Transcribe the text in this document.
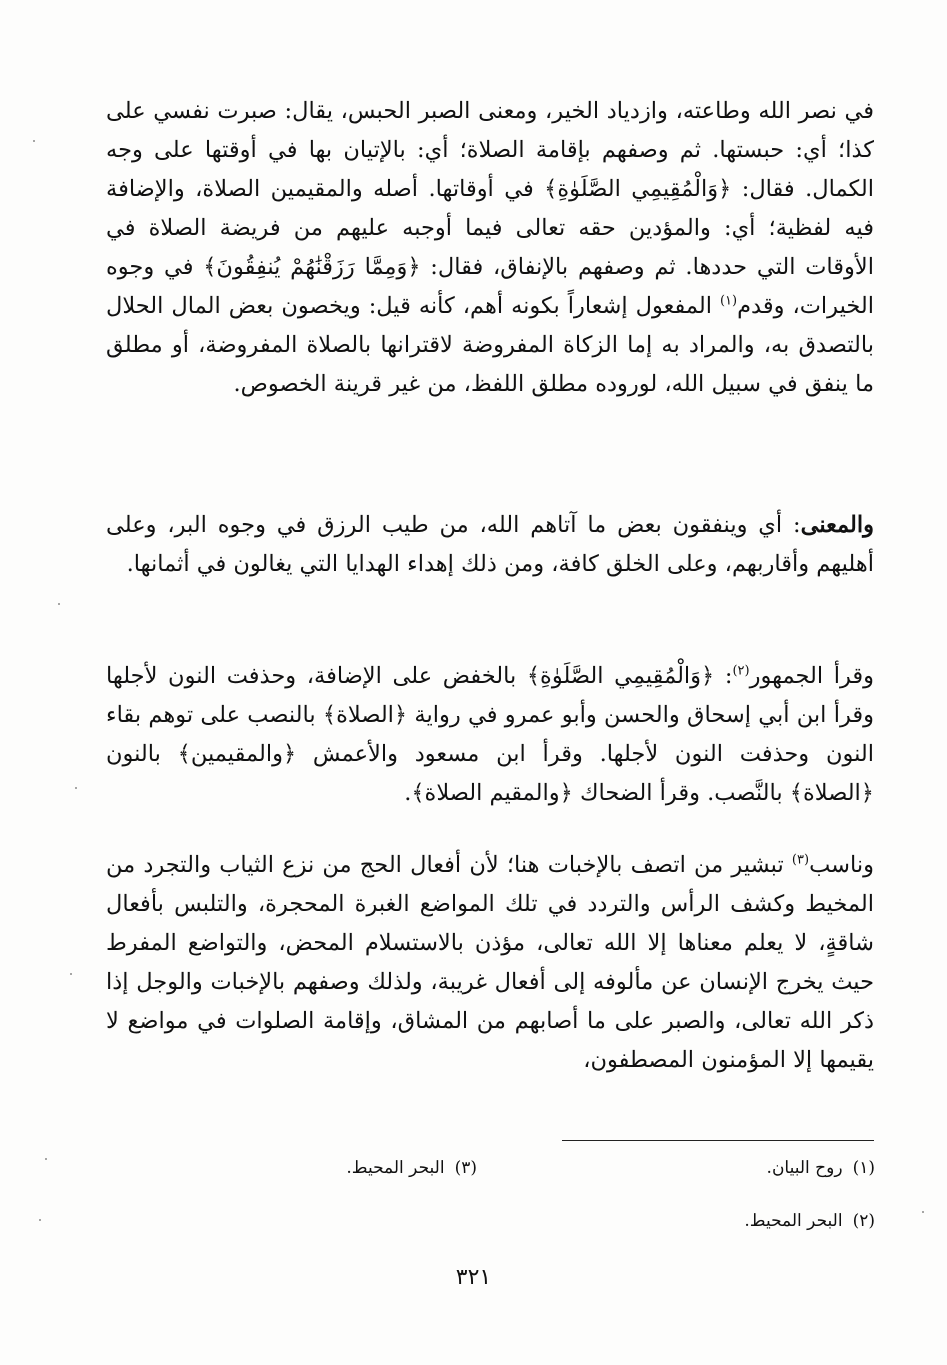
في نصر الله وطاعته، وازدياد الخير، ومعنى الصبر الحبس، يقال: صبرت نفسي على كذا؛ أي: حبستها. ثم وصفهم بإقامة الصلاة؛ أي: بالإتيان بها في أوقتها على وجه الكمال. فقال: ﴿وَالْمُقِيمِي الصَّلَوٰةِ﴾ في أوقاتها. أصله والمقيمين الصلاة، والإضافة فيه لفظية؛ أي: والمؤدين حقه تعالى فيما أوجبه عليهم من فريضة الصلاة في الأوقات التي حددها. ثم وصفهم بالإنفاق، فقال: ﴿وَمِمَّا رَزَقْنَٰهُمْ يُنفِقُونَ﴾ في وجوه الخيرات، وقدم$^{(١)}$ المفعول إشعاراً بكونه أهم، كأنه قيل: ويخصون بعض المال الحلال بالتصدق به، والمراد به إما الزكاة المفروضة لاقترانها بالصلاة المفروضة، أو مطلق ما ينفق في سبيل الله، لوروده مطلق اللفظ، من غير قرينة الخصوص.

والمعنى: أي وينفقون بعض ما آتاهم الله، من طيب الرزق في وجوه البر، وعلى أهليهم وأقاربهم، وعلى الخلق كافة، ومن ذلك إهداء الهدايا التي يغالون في أثمانها.

وقرأ الجمهور$^{(٢)}$: ﴿وَالْمُقِيمِي الصَّلَوٰةِ﴾ بالخفض على الإضافة، وحذفت النون لأجلها وقرأ ابن أبي إسحاق والحسن وأبو عمرو في رواية ﴿الصلاة﴾ بالنصب على توهم بقاء النون وحذفت النون لأجلها. وقرأ ابن مسعود والأعمش ﴿والمقيمين﴾ بالنون ﴿الصلاة﴾ بالنَّصب. وقرأ الضحاك ﴿والمقيم الصلاة﴾.

وناسب$^{(٣)}$ تبشير من اتصف بالإخبات هنا؛ لأن أفعال الحج من نزع الثياب والتجرد من المخيط وكشف الرأس والتردد في تلك المواضع الغبرة المحجرة، والتلبس بأفعال شاقةٍ، لا يعلم معناها إلا الله تعالى، مؤذن بالاستسلام المحض، والتواضع المفرط حيث يخرج الإنسان عن مألوفه إلى أفعال غريبة، ولذلك وصفهم بالإخبات والوجل إذا ذكر الله تعالى، والصبر على ما أصابهم من المشاق، وإقامة الصلوات في مواضع لا يقيمها إلا المؤمنون المصطفون،

(١)روح البيان.
(٣)البحر المحيط.
(٢)البحر المحيط.
٣٢١
